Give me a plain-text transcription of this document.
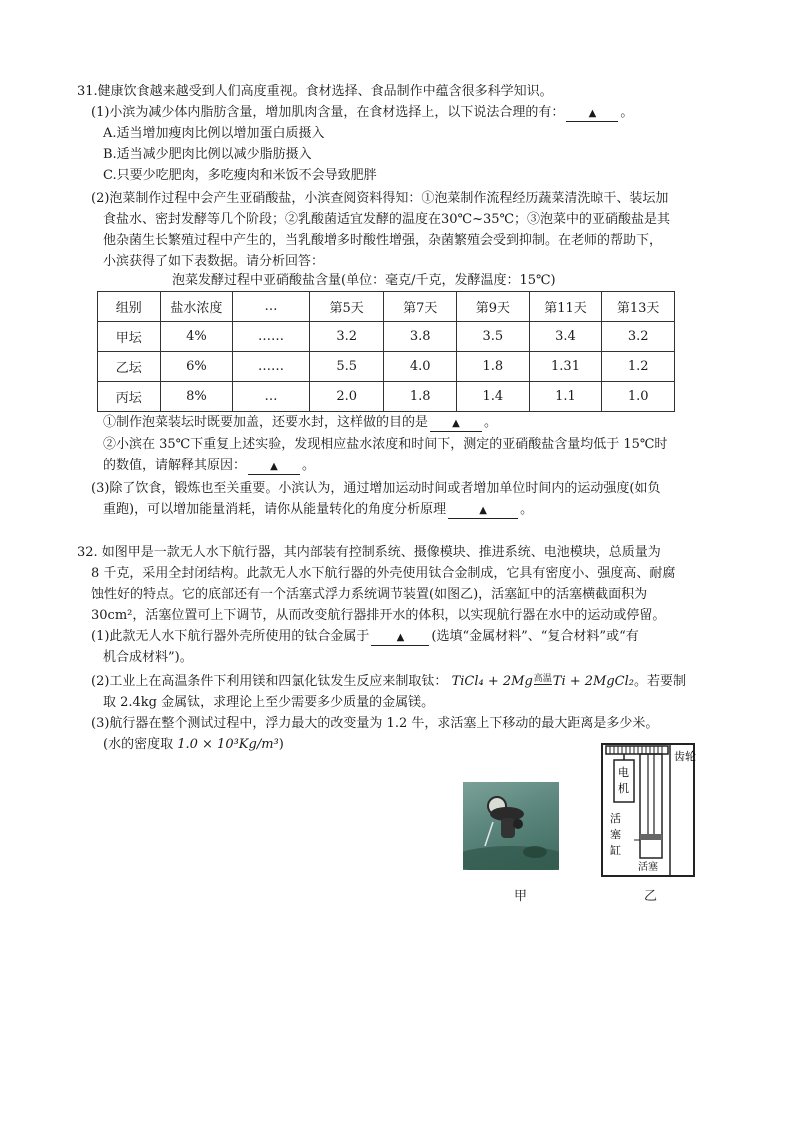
31.健康饮食越来越受到人们高度重视。食材选择、食品制作中蕴含很多科学知识。
(1)小滨为减少体内脂肪含量，增加肌肉含量，在食材选择上，以下说法合理的有： ▲ 。
A.适当增加瘦肉比例以增加蛋白质摄入
B.适当减少肥肉比例以减少脂肪摄入
C.只要少吃肥肉，多吃瘦肉和米饭不会导致肥胖
(2)泡菜制作过程中会产生亚硝酸盐，小滨查阅资料得知：①泡菜制作流程经历蔬菜清洗晾干、装坛加
食盐水、密封发酵等几个阶段；②乳酸菌适宜发酵的温度在30℃~35℃；③泡菜中的亚硝酸盐是其
他杂菌生长繁殖过程中产生的，当乳酸增多时酸性增强，杂菌繁殖会受到抑制。在老师的帮助下，
小滨获得了如下表数据。请分析回答：
泡菜发酵过程中亚硝酸盐含量(单位：毫克/千克，发酵温度：15℃)
组别	盐水浓度	…	第5天	第7天	第9天	第11天	第13天
甲坛	4%	……	3.2	3.8	3.5	3.4	3.2
乙坛	6%	……	5.5	4.0	1.8	1.31	1.2
丙坛	8%	…	2.0	1.8	1.4	1.1	1.0
①制作泡菜装坛时既要加盖，还要水封，这样做的目的是 ▲ 。
②小滨在 35℃下重复上述实验，发现相应盐水浓度和时间下，测定的亚硝酸盐含量均低于 15℃时
的数值，请解释其原因： ▲ 。
(3)除了饮食，锻炼也至关重要。小滨认为，通过增加运动时间或者增加单位时间内的运动强度(如负
重跑)，可以增加能量消耗，请你从能量转化的角度分析原理	▲	。
32. 如图甲是一款无人水下航行器，其内部装有控制系统、摄像模块、推进系统、电池模块，总质量为
8 千克，采用全封闭结构。此款无人水下航行器的外壳使用钛合金制成，它具有密度小、强度高、耐腐
蚀性好的特点。它的底部还有一个活塞式浮力系统调节装置(如图乙)，活塞缸中的活塞横截面积为
30cm²，活塞位置可上下调节，从而改变航行器排开水的体积，以实现航行器在水中的运动或停留。
(1)此款无人水下航行器外壳所使用的钛合金属于	▲ (选填“金属材料”、“复合材料”或“有
机合成材料”)。
(2)工业上在高温条件下利用镁和四氯化钛发生反应来制取钛： TiCl₄ + 2Mg高温Ti + 2MgCl₂。若要制
取 2.4kg 金属钛，求理论上至少需要多少质量的金属镁。
(3)航行器在整个测试过程中，浮力最大的改变量为 1.2 牛，求活塞上下移动的最大距离是多少米。
(水的密度取 1.0 × 10³Kg/m³)
甲
齿轮
电
机
活
塞
缸
活塞
乙
